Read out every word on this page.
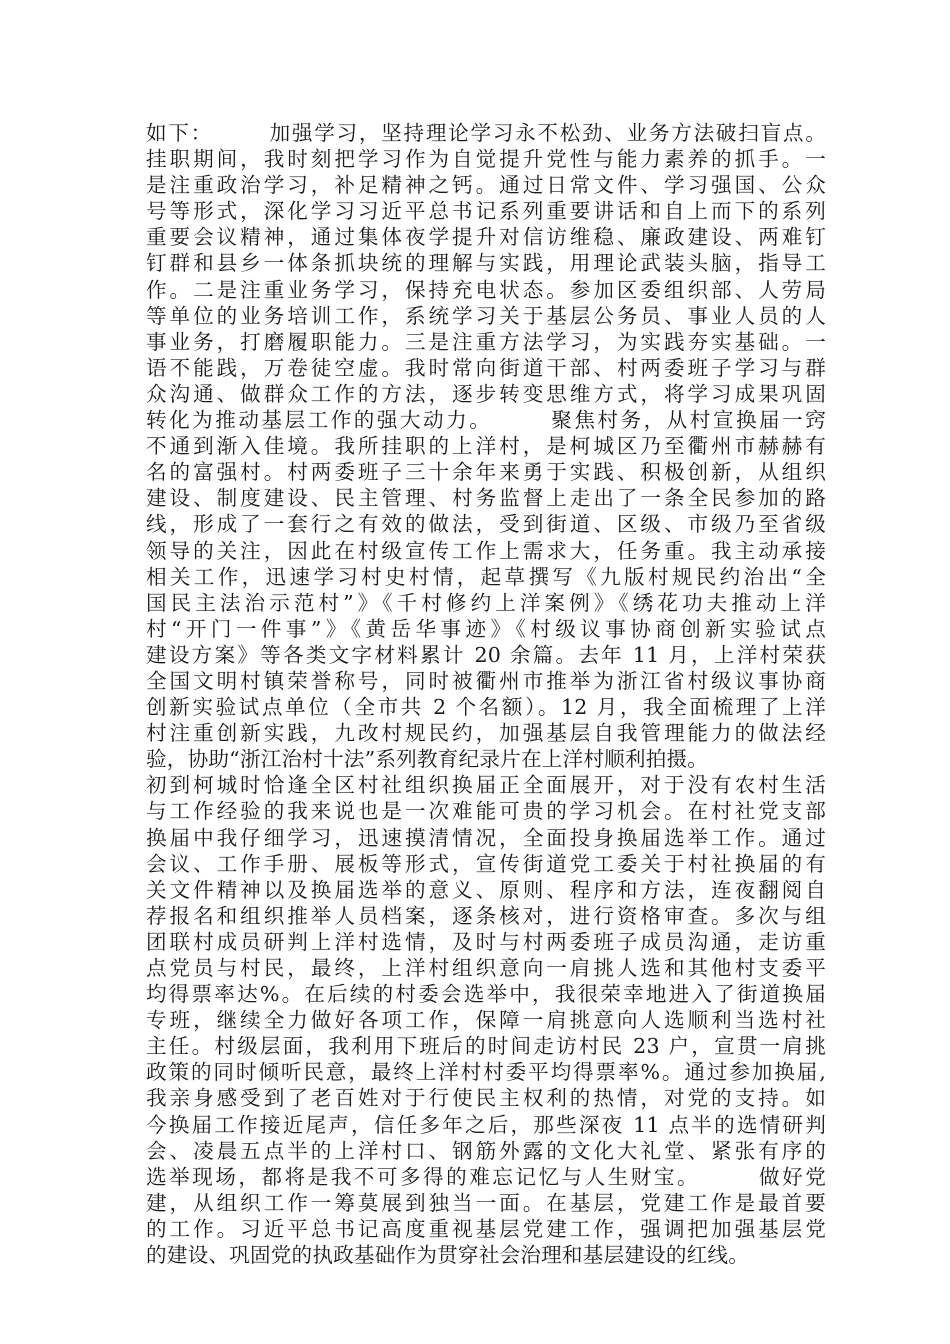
如下：　　　加强学习，坚持理论学习永不松劲、业务方法破扫盲点。
挂职期间，我时刻把学习作为自觉提升党性与能力素养的抓手。一
是注重政治学习，补足精神之钙。通过日常文件、学习强国、公众
号等形式，深化学习习近平总书记系列重要讲话和自上而下的系列
重要会议精神，通过集体夜学提升对信访维稳、廉政建设、两难钉
钉群和县乡一体条抓块统的理解与实践，用理论武装头脑，指导工
作。二是注重业务学习，保持充电状态。参加区委组织部、人劳局
等单位的业务培训工作，系统学习关于基层公务员、事业人员的人
事业务，打磨履职能力。三是注重方法学习，为实践夯实基础。一
语不能践，万卷徒空虚。我时常向街道干部、村两委班子学习与群
众沟通、做群众工作的方法，逐步转变思维方式，将学习成果巩固
转化为推动基层工作的强大动力。　　　聚焦村务，从村宣换届一窍
不通到渐入佳境。我所挂职的上洋村，是柯城区乃至衢州市赫赫有
名的富强村。村两委班子三十余年来勇于实践、积极创新，从组织
建设、制度建设、民主管理、村务监督上走出了一条全民参加的路
线，形成了一套行之有效的做法，受到街道、区级、市级乃至省级
领导的关注，因此在村级宣传工作上需求大，任务重。我主动承接
相关工作，迅速学习村史村情，起草撰写《九版村规民约治出“全
国民主法治示范村”》《千村修约上洋案例》《绣花功夫推动上洋
村“开门一件事”》《黄岳华事迹》《村级议事协商创新实验试点
建设方案》等各类文字材料累计 20 余篇。去年 11 月，上洋村荣获
全国文明村镇荣誉称号，同时被衢州市推举为浙江省村级议事协商
创新实验试点单位（全市共 2 个名额）。12 月，我全面梳理了上洋
村注重创新实践，九改村规民约，加强基层自我管理能力的做法经
验，协助“浙江治村十法”系列教育纪录片在上洋村顺利拍摄。
初到柯城时恰逢全区村社组织换届正全面展开，对于没有农村生活
与工作经验的我来说也是一次难能可贵的学习机会。在村社党支部
换届中我仔细学习，迅速摸清情况，全面投身换届选举工作。通过
会议、工作手册、展板等形式，宣传街道党工委关于村社换届的有
关文件精神以及换届选举的意义、原则、程序和方法，连夜翻阅自
荐报名和组织推举人员档案，逐条核对，进行资格审查。多次与组
团联村成员研判上洋村选情，及时与村两委班子成员沟通，走访重
点党员与村民，最终，上洋村组织意向一肩挑人选和其他村支委平
均得票率达%。在后续的村委会选举中，我很荣幸地进入了街道换届
专班，继续全力做好各项工作，保障一肩挑意向人选顺利当选村社
主任。村级层面，我利用下班后的时间走访村民 23 户，宣贯一肩挑
政策的同时倾听民意，最终上洋村村委平均得票率%。通过参加换届,
我亲身感受到了老百姓对于行使民主权利的热情，对党的支持。如
今换届工作接近尾声，信任多年之后，那些深夜 11 点半的选情研判
会、凌晨五点半的上洋村口、钢筋外露的文化大礼堂、紧张有序的
选举现场，都将是我不可多得的难忘记忆与人生财宝。　　　做好党
建，从组织工作一筹莫展到独当一面。在基层，党建工作是最首要
的工作。习近平总书记高度重视基层党建工作，强调把加强基层党
的建设、巩固党的执政基础作为贯穿社会治理和基层建设的红线。
